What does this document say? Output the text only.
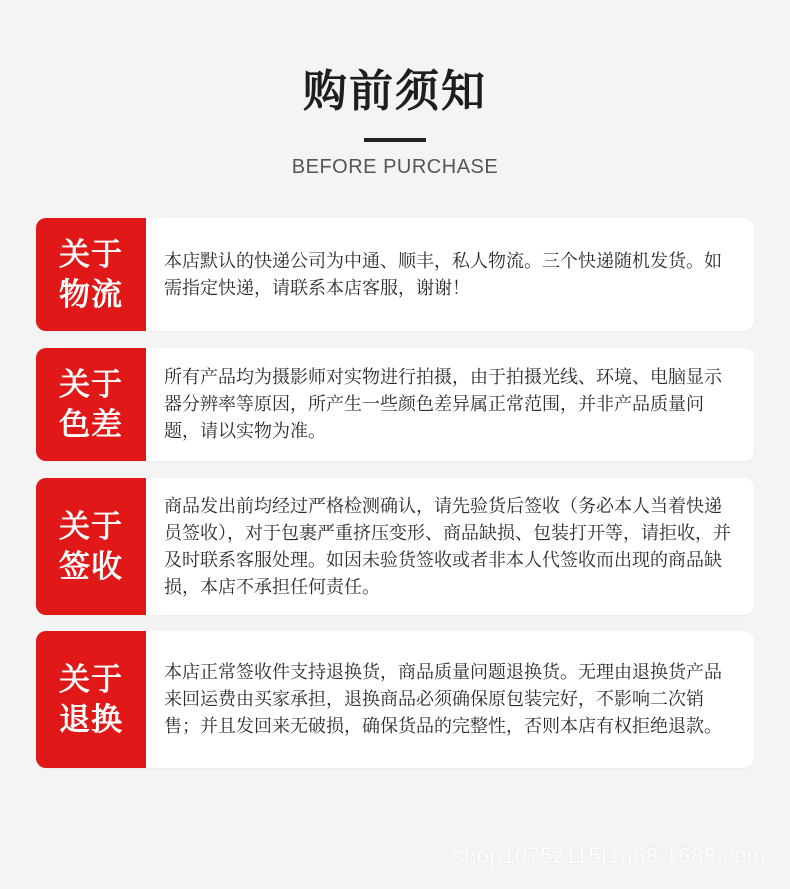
购前须知
BEFORE PURCHASE
关于
物流

本店默认的快递公司为中通、顺丰，私人物流。三个快递随机发货。如需指定快递，请联系本店客服，谢谢！

关于
色差

所有产品均为摄影师对实物进行拍摄，由于拍摄光线、环境、电脑显示器分辨率等原因，所产生一些颜色差异属正常范围，并非产品质量问题，请以实物为准。

关于
签收

商品发出前均经过严格检测确认，请先验货后签收（务必本人当着快递员签收），对于包裹严重挤压变形、商品缺损、包装打开等，请拒收，并及时联系客服处理。如因未验货签收或者非本人代签收而出现的商品缺损，本店不承担任何责任。

关于
退换

本店正常签收件支持退换货，商品质量问题退换货。无理由退换货产品来回运费由买家承担，退换商品必须确保原包装完好，不影响二次销售；并且发回来无破损，确保货品的完整性，否则本店有权拒绝退款。

shop1075z115t1g68.1688.com
